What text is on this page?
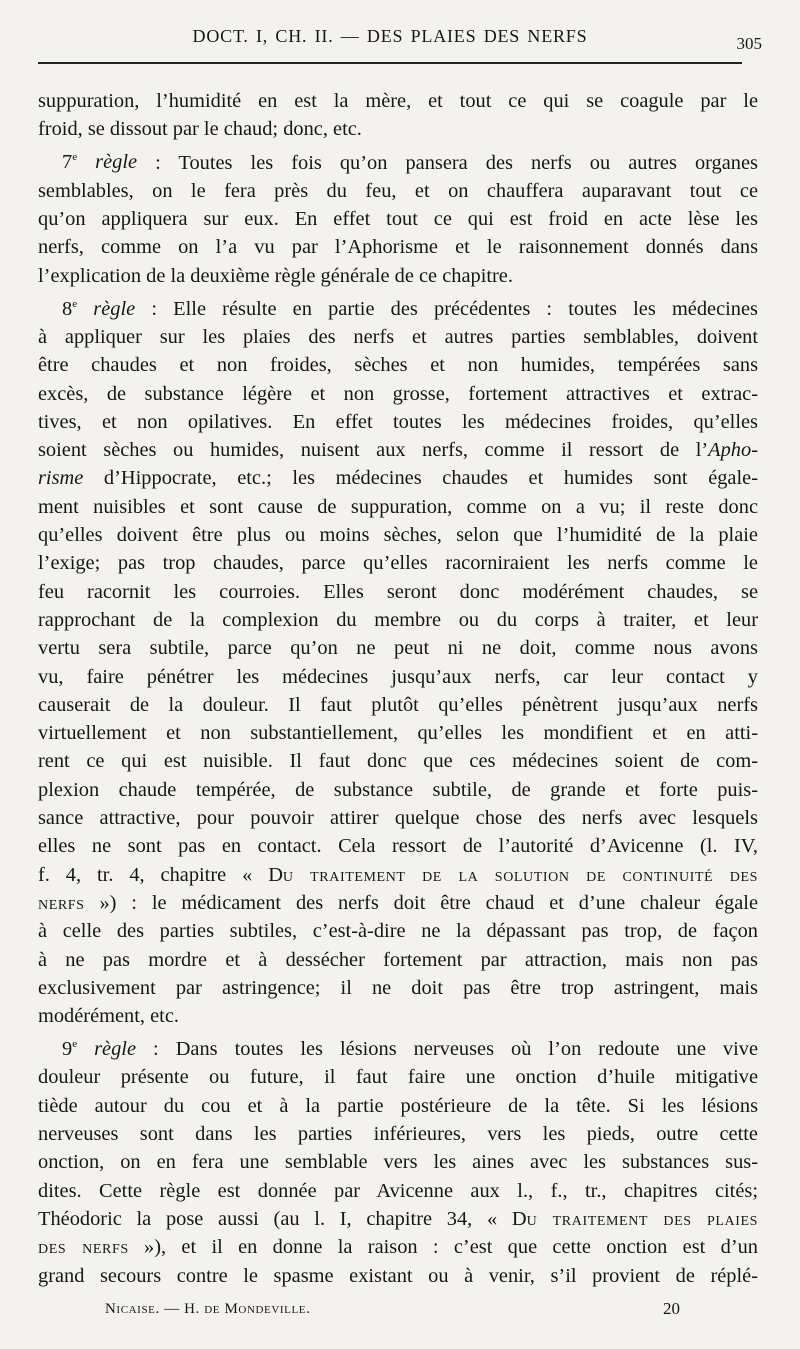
DOCT. I, CH. II. — DES PLAIES DES NERFS	305
suppuration, l’humidité en est la mère, et tout ce qui se coagule par le
froid, se dissout par le chaud; donc, etc.
7e règle : Toutes les fois qu’on pansera des nerfs ou autres organes
semblables, on le fera près du feu, et on chauffera auparavant tout ce
qu’on appliquera sur eux. En effet tout ce qui est froid en acte lèse les
nerfs, comme on l’a vu par l’Aphorisme et le raisonnement donnés dans
l’explication de la deuxième règle générale de ce chapitre.
8e règle : Elle résulte en partie des précédentes : toutes les médecines
à appliquer sur les plaies des nerfs et autres parties semblables, doivent
être chaudes et non froides, sèches et non humides, tempérées sans
excès, de substance légère et non grosse, fortement attractives et extrac-
tives, et non opilatives. En effet toutes les médecines froides, qu’elles
soient sèches ou humides, nuisent aux nerfs, comme il ressort de l’Apho-
risme d’Hippocrate, etc.; les médecines chaudes et humides sont égale-
ment nuisibles et sont cause de suppuration, comme on a vu; il reste donc
qu’elles doivent être plus ou moins sèches, selon que l’humidité de la plaie
l’exige; pas trop chaudes, parce qu’elles racorniraient les nerfs comme le
feu racornit les courroies. Elles seront donc modérément chaudes, se
rapprochant de la complexion du membre ou du corps à traiter, et leur
vertu sera subtile, parce qu’on ne peut ni ne doit, comme nous avons
vu, faire pénétrer les médecines jusqu’aux nerfs, car leur contact y
causerait de la douleur. Il faut plutôt qu’elles pénètrent jusqu’aux nerfs
virtuellement et non substantiellement, qu’elles les mondifient et en atti-
rent ce qui est nuisible. Il faut donc que ces médecines soient de com-
plexion chaude tempérée, de substance subtile, de grande et forte puis-
sance attractive, pour pouvoir attirer quelque chose des nerfs avec lesquels
elles ne sont pas en contact. Cela ressort de l’autorité d’Avicenne (l. IV,
f. 4, tr. 4, chapitre « Du traitement de la solution de continuité des
nerfs ») : le médicament des nerfs doit être chaud et d’une chaleur égale
à celle des parties subtiles, c’est-à-dire ne la dépassant pas trop, de façon
à ne pas mordre et à dessécher fortement par attraction, mais non pas
exclusivement par astringence; il ne doit pas être trop astringent, mais
modérément, etc.
9e règle : Dans toutes les lésions nerveuses où l’on redoute une vive
douleur présente ou future, il faut faire une onction d’huile mitigative
tiède autour du cou et à la partie postérieure de la tête. Si les lésions
nerveuses sont dans les parties inférieures, vers les pieds, outre cette
onction, on en fera une semblable vers les aines avec les substances sus-
dites. Cette règle est donnée par Avicenne aux l., f., tr., chapitres cités;
Théodoric la pose aussi (au l. I, chapitre 34, « Du traitement des plaies
des nerfs »), et il en donne la raison : c’est que cette onction est d’un
grand secours contre le spasme existant ou à venir, s’il provient de réplé-
Nicaise. — H. de Mondeville.	20
